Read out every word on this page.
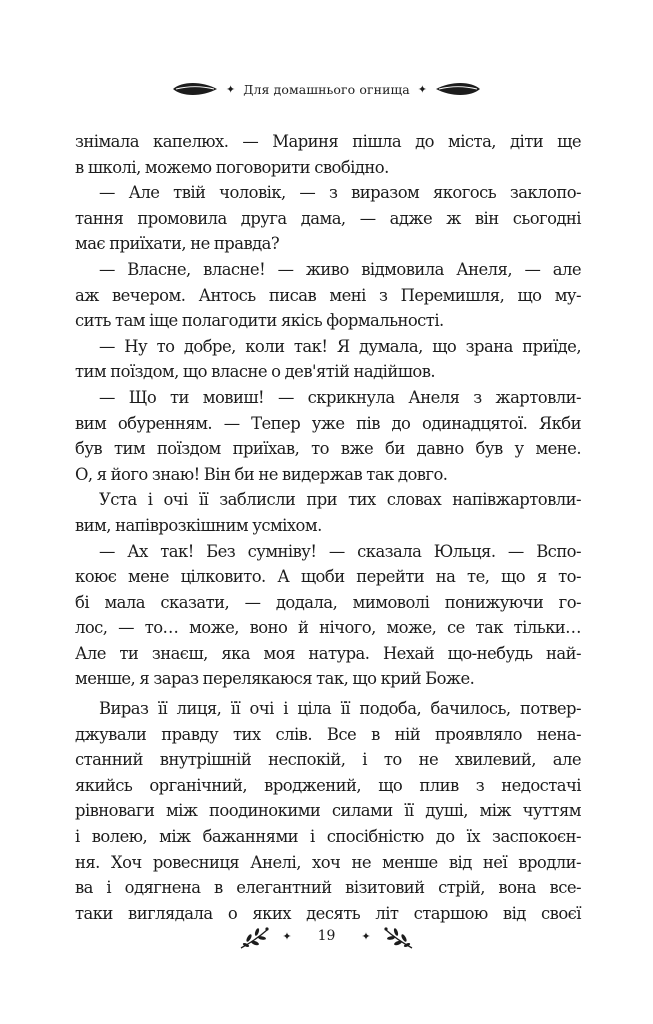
✦ Для домашнього огнища ✦
знімала капелюх. — Мариня пішла до міста, діти ще
в школі, можемо поговорити свобідно.
— Але твій чоловік, — з виразом якогось заклопо-
тання промовила друга дама, — адже ж він сьогодні
має приїхати, не правда?
— Власне, власне! — живо відмовила Анеля, — але
аж вечером. Антось писав мені з Перемишля, що му-
сить там іще полагодити якісь формальності.
— Ну то добре, коли так! Я думала, що зрана приїде,
тим поїздом, що власне о дев'ятій надійшов.
— Що ти мовиш! — скрикнула Анеля з жартовли-
вим обуренням. — Тепер уже пів до одинадцятої. Якби
був тим поїздом приїхав, то вже би давно був у мене.
О, я його знаю! Він би не видержав так довго.
Уста і очі її заблисли при тих словах напівжартовли-
вим, напіврозкішним усміхом.
— Ах так! Без сумніву! — сказала Юльця. — Вспо-
коює мене цілковито. А щоби перейти на те, що я то-
бі мала сказати, — додала, мимоволі понижуючи го-
лос, — то… може, воно й нічого, може, се так тільки…
Але ти знаєш, яка моя натура. Нехай що-небудь най-
менше, я зараз перелякаюся так, що крий Боже.
Вираз її лиця, її очі і ціла її подоба, бачилось, потвер-
джували правду тих слів. Все в ній проявляло нена-
станний внутрішній неспокій, і то не хвилевий, але
якийсь органічний, вроджений, що плив з недостачі
рівноваги між поодинокими силами її душі, між чуттям
і волею, між бажаннями і спосібністю до їх заспокоєн-
ня. Хоч ровесниця Анелі, хоч не менше від неї вродли-
ва і одягнена в елегантний візитовий стрій, вона все-
таки виглядала о яких десять літ старшою від своєї
✦ 19 ✦
